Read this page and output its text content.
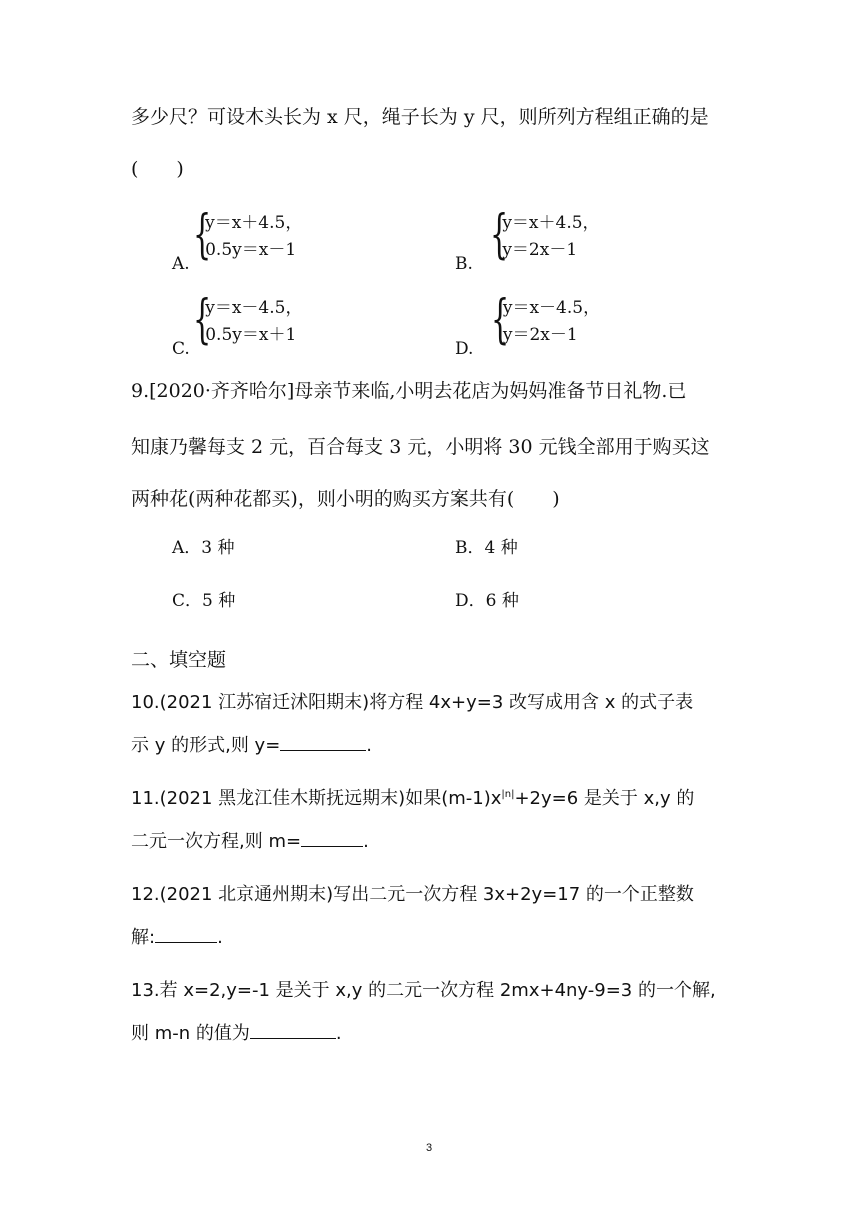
多少尺？可设木头长为 x 尺，绳子长为 y 尺，则所列方程组正确的是
(　　)
A. {
y＝x＋4.5，
0.5y＝x－1
B. {
y＝x＋4.5，
y＝2x－1
C. {
y＝x－4.5，
0.5y＝x＋1
D. {
y＝x－4.5，
y＝2x－1
9.[2020·齐齐哈尔]母亲节来临,小明去花店为妈妈准备节日礼物.已
知康乃馨每支 2 元，百合每支 3 元，小明将 30 元钱全部用于购买这
两种花(两种花都买)，则小明的购买方案共有(　　)
A．3 种	B．4 种
C．5 种	D．6 种
二、填空题
10.(2021 江苏宿迁沭阳期末)将方程 4x+y=3 改写成用含 x 的式子表
示 y 的形式,则 y=	.
11.(2021 黑龙江佳木斯抚远期末)如果$(m-1)x^{|n|}+2y=6$ 是关于 x,y 的
二元一次方程,则 m=	.
12.(2021 北京通州期末)写出二元一次方程 3x+2y=17 的一个正整数
解:	.
13.若 x=2,y=-1 是关于 x,y 的二元一次方程 2mx+4ny-9=3 的一个解,
则 m-n 的值为	.
3
